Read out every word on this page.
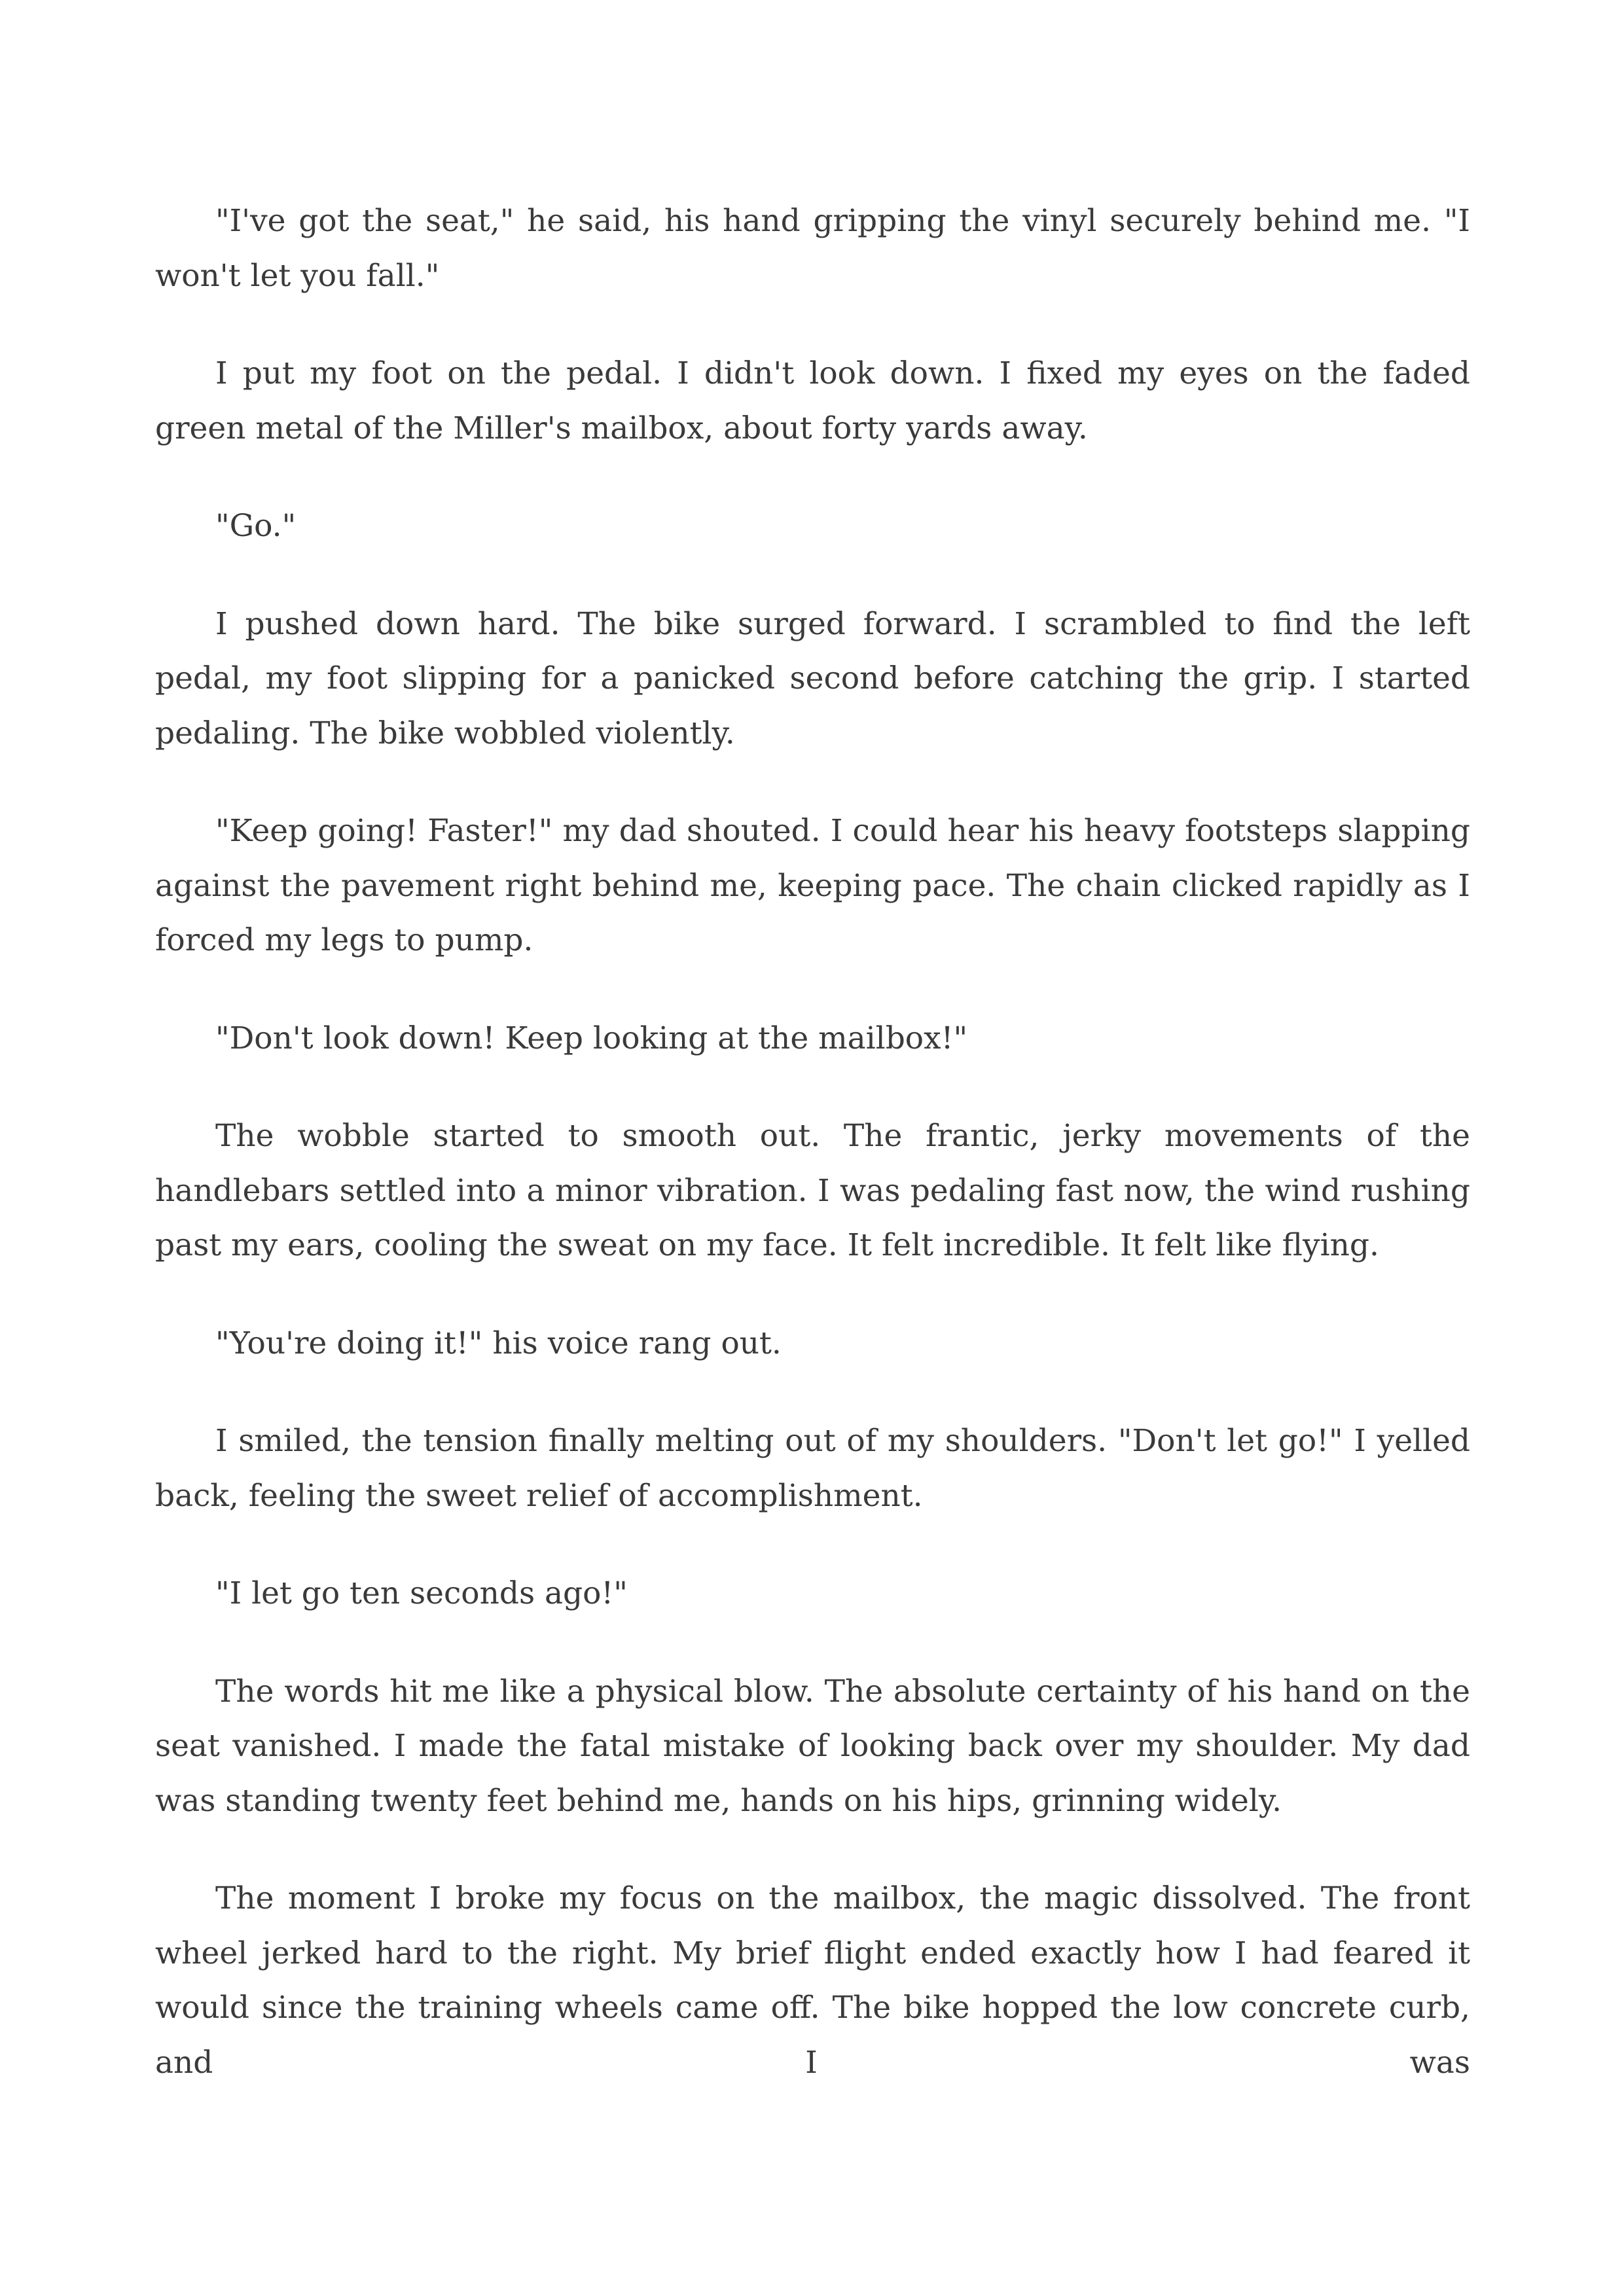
"I've got the seat," he said, his hand gripping the vinyl securely behind me. "I won't let you fall."

I put my foot on the pedal. I didn't look down. I fixed my eyes on the faded green metal of the Miller's mailbox, about forty yards away.

"Go."

I pushed down hard. The bike surged forward. I scrambled to find the left pedal, my foot slipping for a panicked second before catching the grip. I started pedaling. The bike wobbled violently.

"Keep going! Faster!" my dad shouted. I could hear his heavy footsteps slapping against the pavement right behind me, keeping pace. The chain clicked rapidly as I forced my legs to pump.

"Don't look down! Keep looking at the mailbox!"

The wobble started to smooth out. The frantic, jerky movements of the handlebars settled into a minor vibration. I was pedaling fast now, the wind rushing past my ears, cooling the sweat on my face. It felt incredible. It felt like flying.

"You're doing it!" his voice rang out.

I smiled, the tension finally melting out of my shoulders. "Don't let go!" I yelled back, feeling the sweet relief of accomplishment.

"I let go ten seconds ago!"

The words hit me like a physical blow. The absolute certainty of his hand on the seat vanished. I made the fatal mistake of looking back over my shoulder. My dad was standing twenty feet behind me, hands on his hips, grinning widely.

The moment I broke my focus on the mailbox, the magic dissolved. The front wheel jerked hard to the right. My brief flight ended exactly how I had feared it would since the training wheels came off. The bike hopped the low concrete curb, and I was
